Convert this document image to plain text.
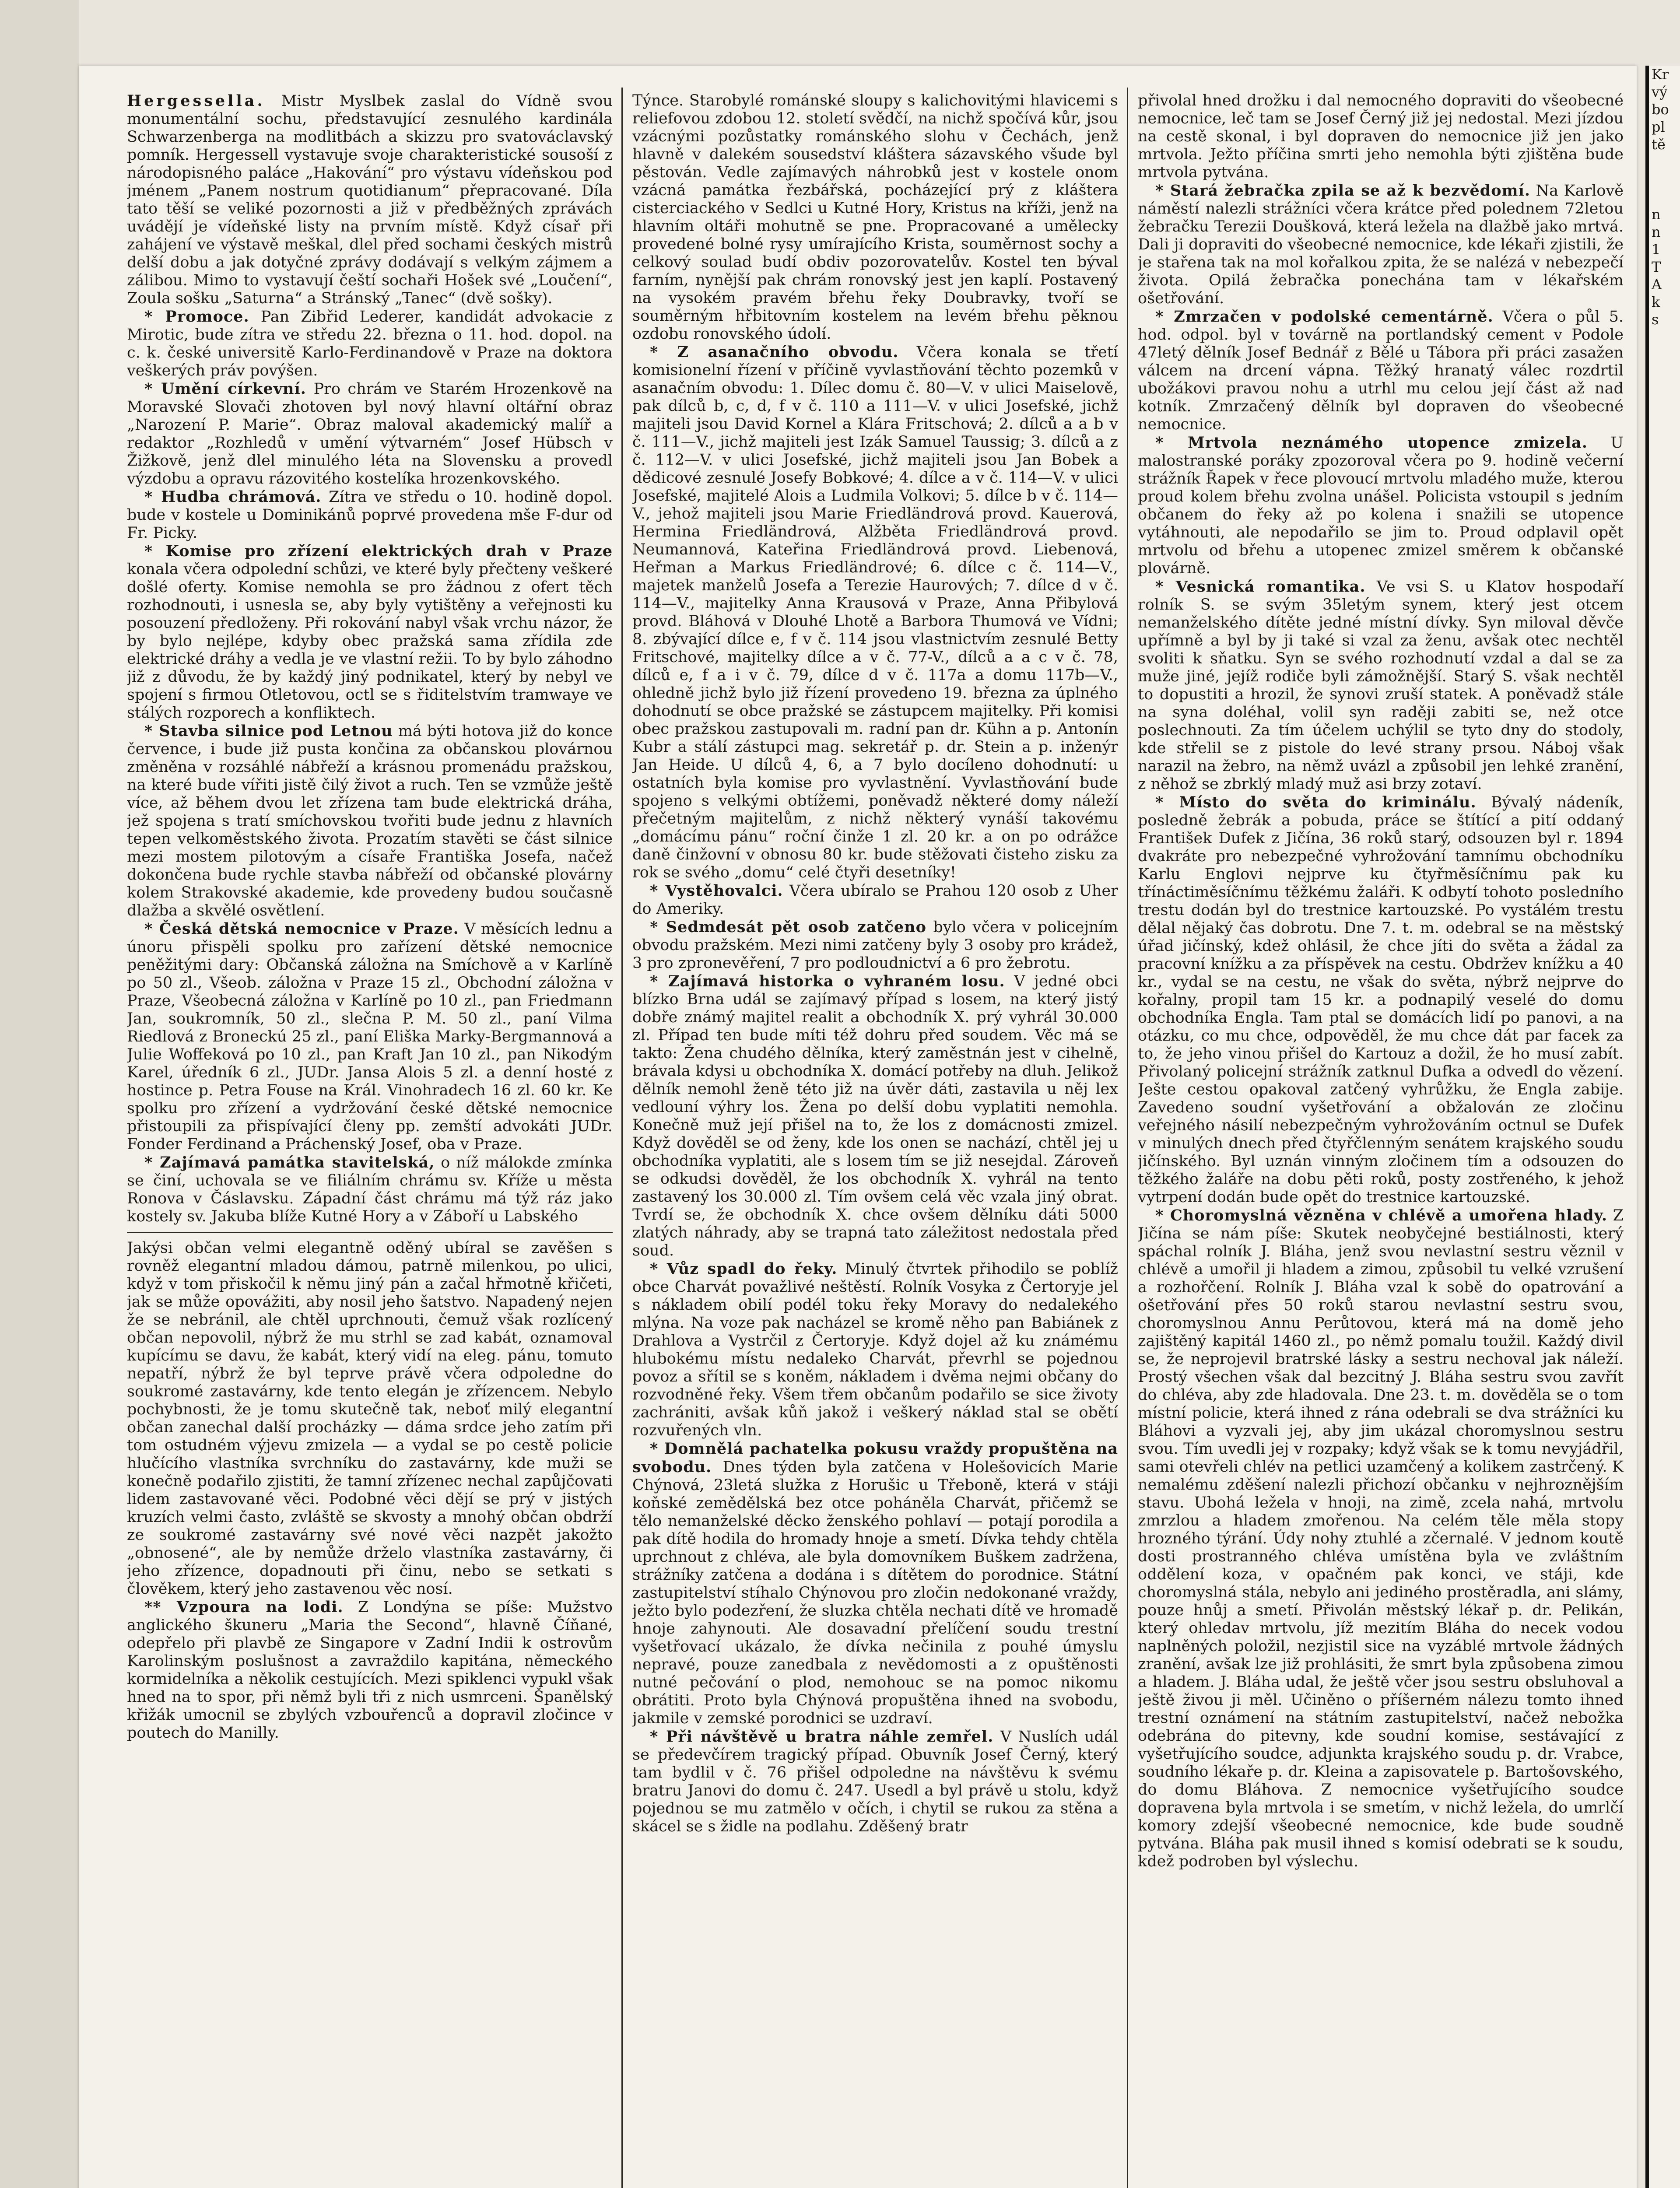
Hergessella. Mistr Myslbek zaslal do Vídně svou monumentální sochu, představující zesnulého kardinála Schwarzenberga na modlitbách a skizzu pro svatováclavský pomník. Hergessell vystavuje svoje charakteristické sousoší z národopisného paláce „Hakování“ pro výstavu vídeňskou pod jménem „Panem nostrum quotidianum“ přepracované. Díla tato těší se veliké pozornosti a již v předběžných zprávách uvádějí je vídeňské listy na prvním místě. Když císař při zahájení ve výstavě meškal, dlel před sochami českých mistrů delší dobu a jak dotyčné zprávy dodávají s velkým zájmem a zálibou. Mimo to vystavují čeští sochaři Hošek své „Loučení“, Zoula sošku „Saturna“ a Stránský „Tanec“ (dvě sošky).

* Promoce. Pan Zibřid Lederer, kandidát advokacie z Mirotic, bude zítra ve středu 22. března o 11. hod. dopol. na c. k. české universitě Karlo-Ferdinandově v Praze na doktora veškerých práv povýšen.

* Umění církevní. Pro chrám ve Starém Hrozenkově na Moravské Slovači zhotoven byl nový hlavní oltářní obraz „Narození P. Marie“. Obraz maloval akademický malíř a redaktor „Rozhledů v umění výtvarném“ Josef Hübsch v Žižkově, jenž dlel minulého léta na Slovensku a provedl výzdobu a opravu rázovitého kostelíka hrozenkovského.

* Hudba chrámová. Zítra ve středu o 10. hodině dopol. bude v kostele u Dominikánů poprvé provedena mše F-dur od Fr. Picky.

* Komise pro zřízení elektrických drah v Praze konala včera odpolední schůzi, ve které byly přečteny veškeré došlé oferty. Komise nemohla se pro žádnou z ofert těch rozhodnouti, i usnesla se, aby byly vytištěny a veřejnosti ku posouzení předloženy. Při rokování nabyl však vrchu názor, že by bylo nejlépe, kdyby obec pražská sama zřídila zde elektrické dráhy a vedla je ve vlastní režii. To by bylo záhodno již z důvodu, že by každý jiný podnikatel, který by nebyl ve spojení s firmou Otletovou, octl se s řiditelstvím tramwaye ve stálých rozporech a konfliktech.

* Stavba silnice pod Letnou má býti hotova již do konce července, i bude již pusta končina za občanskou plovárnou změněna v rozsáhlé nábřeží a krásnou promenádu pražskou, na které bude vířiti jistě čilý život a ruch. Ten se vzmůže ještě více, až během dvou let zřízena tam bude elektrická dráha, jež spojena s tratí smíchovskou tvořiti bude jednu z hlavních tepen velkoměstského života. Prozatím stavěti se část silnice mezi mostem pilotovým a císaře Františka Josefa, načež dokončena bude rychle stavba nábřeží od občanské plovárny kolem Strakovské akademie, kde provedeny budou současně dlažba a skvělé osvětlení.

* Česká dětská nemocnice v Praze. V měsících lednu a únoru přispěli spolku pro zařízení dětské nemocnice peněžitými dary: Občanská záložna na Smíchově a v Karlíně po 50 zl., Všeob. záložna v Praze 15 zl., Obchodní záložna v Praze, Všeobecná záložna v Karlíně po 10 zl., pan Friedmann Jan, soukromník, 50 zl., slečna P. M. 50 zl., paní Vilma Riedlová z Broneckú 25 zl., paní Eliška Marky-Bergmannová a Julie Woffeková po 10 zl., pan Kraft Jan 10 zl., pan Nikodým Karel, úředník 6 zl., JUDr. Jansa Alois 5 zl. a denní hosté z hostince p. Petra Fouse na Král. Vinohradech 16 zl. 60 kr. Ke spolku pro zřízení a vydržování české dětské nemocnice přistoupili za přispívající členy pp. zemští advokáti JUDr. Fonder Ferdinand a Práchenský Josef, oba v Praze.

* Zajímavá památka stavitelská, o níž málokde zmínka se činí, uchovala se ve filiálním chrámu sv. Kříže u města Ronova v Čáslavsku. Západní část chrámu má týž ráz jako kostely sv. Jakuba blíže Kutné Hory a v Záboří u Labského

Jakýsi občan velmi elegantně oděný ubíral se zavěšen s rovněž elegantní mladou dámou, patrně milenkou, po ulici, když v tom přiskočil k němu jiný pán a začal hřmotně křičeti, jak se může opovážiti, aby nosil jeho šatstvo. Napadený nejen že se nebránil, ale chtěl uprchnouti, čemuž však rozlícený občan nepovolil, nýbrž že mu strhl se zad kabát, oznamoval kupícímu se davu, že kabát, který vidí na eleg. pánu, tomuto nepatří, nýbrž že byl teprve právě včera odpoledne do soukromé zastavárny, kde tento elegán je zřízencem. Nebylo pochybnosti, že je tomu skutečně tak, neboť milý elegantní občan zanechal další procházky — dáma srdce jeho zatím při tom ostudném výjevu zmizela — a vydal se po cestě policie hlučícího vlastníka svrchníku do zastavárny, kde muži se konečně podařilo zjistiti, že tamní zřízenec nechal zapůjčovati lidem zastavované věci. Podobné věci dějí se prý v jistých kruzích velmi často, zvláště se skvosty a mnohý občan obdrží ze soukromé zastavárny své nové věci nazpět jakožto „obnosené“, ale by nemůže drželo vlastníka zastavárny, či jeho zřízence, dopadnouti při činu, nebo se setkati s člověkem, který jeho zastavenou věc nosí.

** Vzpoura na lodi. Z Londýna se píše: Mužstvo anglického škuneru „Maria the Second“, hlavně Číňané, odepřelo při plavbě ze Singapore v Zadní Indii k ostrovům Karolinským poslušnost a zavraždilo kapitána, německého kormidelníka a několik cestujících. Mezi spiklenci vypukl však hned na to spor, při němž byli tři z nich usmrceni. Španělský křižák umocnil se zbylých vzbouřenců a dopravil zločince v poutech do Manilly.

Týnce. Starobylé románské sloupy s kalichovitými hlavicemi s reliefovou zdobou 12. století svědčí, na nichž spočívá kůr, jsou vzácnými pozůstatky románského slohu v Čechách, jenž hlavně v dalekém sousedství kláštera sázavského všude byl pěstován. Vedle zajímavých náhrobků jest v kostele onom vzácná památka řezbářská, pocházející prý z kláštera cisterciackého v Sedlci u Kutné Hory, Kristus na kříži, jenž na hlavním oltáři mohutně se pne. Propracované a umělecky provedené bolné rysy umírajícího Krista, souměrnost sochy a celkový soulad budí obdiv pozorovatelův. Kostel ten býval farním, nynější pak chrám ronovský jest jen kaplí. Postavený na vysokém pravém břehu řeky Doubravky, tvoří se souměrným hřbitovním kostelem na levém břehu pěknou ozdobu ronovského údolí.

* Z asanačního obvodu. Včera konala se třetí komisionelní řízení v příčině vyvlastňování těchto pozemků v asanačním obvodu: 1. Dílec domu č. 80—V. v ulici Maiselově, pak dílců b, c, d, f v č. 110 a 111—V. v ulici Josefské, jichž majiteli jsou David Kornel a Klára Fritschová; 2. dílců a a b v č. 111—V., jichž majiteli jest Izák Samuel Taussig; 3. dílců a z č. 112—V. v ulici Josefské, jichž majiteli jsou Jan Bobek a dědicové zesnulé Josefy Bobkové; 4. dílce a v č. 114—V. v ulici Josefské, majitelé Alois a Ludmila Volkovi; 5. dílce b v č. 114—V., jehož majiteli jsou Marie Friedländrová provd. Kauerová, Hermina Friedländrová, Alžběta Friedländrová provd. Neumannová, Kateřina Friedländrová provd. Liebenová, Heřman a Markus Friedländrové; 6. dílce c č. 114—V., majetek manželů Josefa a Terezie Haurových; 7. dílce d v č. 114—V., majitelky Anna Krausová v Praze, Anna Přibylová provd. Bláhová v Dlouhé Lhotě a Barbora Thumová ve Vídni; 8. zbývající dílce e, f v č. 114 jsou vlastnictvím zesnulé Betty Fritschové, majitelky dílce a v č. 77-V., dílců a a c v č. 78, dílců e, f a i v č. 79, dílce d v č. 117a a domu 117b—V., ohledně jichž bylo již řízení provedeno 19. března za úplného dohodnutí se obce pražské se zástupcem majitelky. Při komisi obec pražskou zastupovali m. radní pan dr. Kühn a p. Antonín Kubr a stálí zástupci mag. sekretář p. dr. Stein a p. inženýr Jan Heide. U dílců 4, 6, a 7 bylo docíleno dohodnutí: u ostatních byla komise pro vyvlastnění. Vyvlastňování bude spojeno s velkými obtížemi, poněvadž některé domy náleží přečetným majitelům, z nichž některý vynáší takovému „domácímu pánu“ roční činže 1 zl. 20 kr. a on po odrážce daně činžovní v obnosu 80 kr. bude stěžovati čisteho zisku za rok se svého „domu“ celé čtyři desetníky!

* Vystěhovalci. Včera ubíralo se Prahou 120 osob z Uher do Ameriky.

* Sedmdesát pět osob zatčeno bylo včera v policejním obvodu pražském. Mezi nimi zatčeny byly 3 osoby pro krádež, 3 pro zpronevěření, 7 pro podloudnictví a 6 pro žebrotu.

* Zajímavá historka o vyhraném losu. V jedné obci blízko Brna udál se zajímavý případ s losem, na který jistý dobře známý majitel realit a obchodník X. prý vyhrál 30.000 zl. Případ ten bude míti též dohru před soudem. Věc má se takto: Žena chudého dělníka, který zaměstnán jest v cihelně, brávala kdysi u obchodníka X. domácí potřeby na dluh. Jelikož dělník nemohl ženě této již na úvěr dáti, zastavila u něj lex vedlouní výhry los. Žena po delší dobu vyplatiti nemohla. Konečně muž její přišel na to, že los z domácnosti zmizel. Když dověděl se od ženy, kde los onen se nachází, chtěl jej u obchodníka vyplatiti, ale s losem tím se již nesejdal. Zároveň se odkudsi dověděl, že los obchodník X. vyhrál na tento zastavený los 30.000 zl. Tím ovšem celá věc vzala jiný obrat. Tvrdí se, že obchodník X. chce ovšem dělníku dáti 5000 zlatých náhrady, aby se trapná tato záležitost nedostala před soud.

* Vůz spadl do řeky. Minulý čtvrtek přihodilo se poblíž obce Charvát považlivé neštěstí. Rolník Vosyka z Čertoryje jel s nákladem obilí podél toku řeky Moravy do nedalekého mlýna. Na voze pak nacházel se kromě něho pan Babiánek z Drahlova a Vystrčil z Čertoryje. Když dojel až ku známému hlubokému místu nedaleko Charvát, převrhl se pojednou povoz a sřítil se s koněm, nákladem i dvěma nejmi občany do rozvodněné řeky. Všem třem občanům podařilo se sice životy zachrániti, avšak kůň jakož i veškerý náklad stal se obětí rozvuřených vln.

* Domnělá pachatelka pokusu vraždy propuštěna na svobodu. Dnes týden byla zatčena v Holešovicích Marie Chýnová, 23letá služka z Horušic u Třeboně, která v stáji koňské zemědělská bez otce poháněla Charvát, přičemž se tělo nemanželské děcko ženského pohlaví — potají porodila a pak dítě hodila do hromady hnoje a smetí. Dívka tehdy chtěla uprchnout z chléva, ale byla domovníkem Buškem zadržena, strážníky zatčena a dodána i s dítětem do porodnice. Státní zastupitelství stíhalo Chýnovou pro zločin nedokonané vraždy, ježto bylo podezření, že sluzka chtěla nechati dítě ve hromadě hnoje zahynouti. Ale dosavadní přelíčení soudu trestní vyšetřovací ukázalo, že dívka nečinila z pouhé úmyslu nepravé, pouze zanedbala z nevědomosti a z opuštěnosti nutné pečování o plod, nemohouc se na pomoc nikomu obrátiti. Proto byla Chýnová propuštěna ihned na svobodu, jakmile v zemské porodnici se uzdraví.

* Při návštěvě u bratra náhle zemřel. V Nuslích udál se předevčírem tragický případ. Obuvník Josef Černý, který tam bydlil v č. 76 přišel odpoledne na návštěvu k svému bratru Janovi do domu č. 247. Usedl a byl právě u stolu, když pojednou se mu zatmělo v očích, i chytil se rukou za stěna a skácel se s židle na podlahu. Zděšený bratr

přivolal hned drožku i dal nemocného dopraviti do všeobecné nemocnice, leč tam se Josef Černý již jej nedostal. Mezi jízdou na cestě skonal, i byl dopraven do nemocnice již jen jako mrtvola. Ježto příčina smrti jeho nemohla býti zjištěna bude mrtvola pytvána.

* Stará žebračka zpila se až k bezvědomí. Na Karlově náměstí nalezli strážníci včera krátce před polednem 72letou žebračku Terezii Doušková, která ležela na dlažbě jako mrtvá. Dali ji dopraviti do všeobecné nemocnice, kde lékaři zjistili, že je stařena tak na mol kořalkou zpita, že se nalézá v nebezpečí života. Opilá žebračka ponechána tam v lékařském ošetřování.

* Zmrzačen v podolské cementárně. Včera o půl 5. hod. odpol. byl v továrně na portlandský cement v Podole 47letý dělník Josef Bednář z Bělé u Tábora při práci zasažen válcem na drcení vápna. Těžký hranatý válec rozdrtil ubožákovi pravou nohu a utrhl mu celou její část až nad kotník. Zmrzačený dělník byl dopraven do všeobecné nemocnice.

* Mrtvola neznámého utopence zmizela. U malostranské poráky zpozoroval včera po 9. hodině večerní strážník Řapek v řece plovoucí mrtvolu mladého muže, kterou proud kolem břehu zvolna unášel. Policista vstoupil s jedním občanem do řeky až po kolena i snažili se utopence vytáhnouti, ale nepodařilo se jim to. Proud odplavil opět mrtvolu od břehu a utopenec zmizel směrem k občanské plovárně.

* Vesnická romantika. Ve vsi S. u Klatov hospodaří rolník S. se svým 35letým synem, který jest otcem nemanželského dítěte jedné místní dívky. Syn miloval děvče upřímně a byl by ji také si vzal za ženu, avšak otec nechtěl svoliti k sňatku. Syn se svého rozhodnutí vzdal a dal se za muže jiné, jejíž rodiče byli zámožnější. Starý S. však nechtěl to dopustiti a hrozil, že synovi zruší statek. A poněvadž stále na syna doléhal, volil syn raději zabiti se, než otce poslechnouti. Za tím účelem uchýlil se tyto dny do stodoly, kde střelil se z pistole do levé strany prsou. Náboj však narazil na žebro, na němž uvázl a způsobil jen lehké zranění, z něhož se zbrklý mladý muž asi brzy zotaví.

* Místo do světa do kriminálu. Bývalý nádeník, posledně žebrák a pobuda, práce se štítící a pití oddaný František Dufek z Jičína, 36 roků starý, odsouzen byl r. 1894 dvakráte pro nebezpečné vyhrožování tamnímu obchodníku Karlu Englovi nejprve ku čtyřměsíčnímu pak ku třínáctiměsíčnímu těžkému žaláři. K odbytí tohoto posledního trestu dodán byl do trestnice kartouzské. Po vystálém trestu dělal nějaký čas dobrotu. Dne 7. t. m. odebral se na městský úřad jičínský, kdež ohlásil, že chce jíti do světa a žádal za pracovní knížku a za příspěvek na cestu. Obdržev knížku a 40 kr., vydal se na cestu, ne však do světa, nýbrž nejprve do kořalny, propil tam 15 kr. a podnapilý veselé do domu obchodníka Engla. Tam ptal se domácích lidí po panovi, a na otázku, co mu chce, odpověděl, že mu chce dát par facek za to, že jeho vinou přišel do Kartouz a dožil, že ho musí zabít. Přivolaný policejní strážník zatknul Dufka a odvedl do vězení. Ješte cestou opakoval zatčený vyhrůžku, že Engla zabije. Zavedeno soudní vyšetřování a obžalován ze zločinu veřejného násilí nebezpečným vyhrožováním octnul se Dufek v minulých dnech před čtyřčlenným senátem krajského soudu jičínského. Byl uznán vinným zločinem tím a odsouzen do těžkého žaláře na dobu pěti roků, posty zostřeného, k jehož vytrpení dodán bude opět do trestnice kartouzské.

* Choromyslná vězněna v chlévě a umořena hlady. Z Jičína se nám píše: Skutek neobyčejné bestiálnosti, který spáchal rolník J. Bláha, jenž svou nevlastní sestru věznil v chlévě a umořil ji hladem a zimou, způsobil tu velké vzrušení a rozhořčení. Rolník J. Bláha vzal k sobě do opatrování a ošetřování přes 50 roků starou nevlastní sestru svou, choromyslnou Annu Perůtovou, která má na domě jeho zajištěný kapitál 1460 zl., po němž pomalu toužil. Každý divil se, že neprojevil bratrské lásky a sestru nechoval jak náleží. Prostý všechen však dal bezcitný J. Bláha sestru svou zavřít do chléva, aby zde hladovala. Dne 23. t. m. dověděla se o tom místní policie, která ihned z rána odebrali se dva strážníci ku Bláhovi a vyzvali jej, aby jim ukázal choromyslnou sestru svou. Tím uvedli jej v rozpaky; když však se k tomu nevyjádřil, sami otevřeli chlév na petlici uzamčený a kolikem zastrčený. K nemalému zděšení nalezli přichozí občanku v nejhroznějším stavu. Ubohá ležela v hnoji, na zimě, zcela nahá, mrtvolu zmrzlou a hladem zmořenou. Na celém těle měla stopy hrozného týrání. Údy nohy ztuhlé a zčernalé. V jednom koutě dosti prostranného chléva umístěna byla ve zvláštním oddělení koza, v opačném pak konci, ve stáji, kde choromyslná stála, nebylo ani jediného prostěradla, ani slámy, pouze hnůj a smetí. Přivolán městský lékař p. dr. Pelikán, který ohledav mrtvolu, jíž mezitím Bláha do necek vodou naplněných položil, nezjistil sice na vyzáblé mrtvole žádných zranění, avšak lze již prohlásiti, že smrt byla způsobena zimou a hladem. J. Bláha udal, že ještě včer jsou sestru obsluhoval a ještě živou ji měl. Učiněno o příšerném nálezu tomto ihned trestní oznámení na státním zastupitelství, načež nebožka odebrána do pitevny, kde soudní komise, sestávající z vyšetřujícího soudce, adjunkta krajského soudu p. dr. Vrabce, soudního lékaře p. dr. Kleina a zapisovatele p. Bartošovského, do domu Bláhova. Z nemocnice vyšetřujícího soudce dopravena byla mrtvola i se smetím, v nichž ležela, do umrlčí komory zdejší všeobecné nemocnice, kde bude soudně pytvána. Bláha pak musil ihned s komisí odebrati se k soudu, kdež podroben byl výslechu.

Kr
vý
bo
pl
tě
n
n
1
T
A
k
s
